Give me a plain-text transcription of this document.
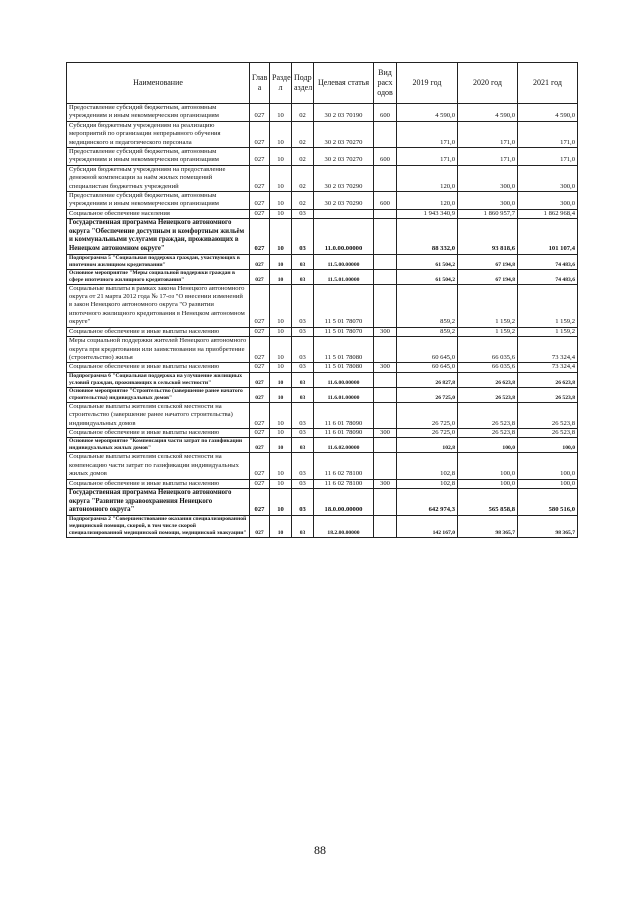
Наименование	Глав а	Разде л	Подр аздел	Целевая статья	Вид расх одов	2019 год	2020 год	2021 год
Предоставление субсидий бюджетным, автономным учреждениям и иным некоммерческим организациям	027	10	02	30 2 03 70190	600	4 590,0	4 590,0	4 590,0
Субсидия бюджетным учреждениям на реализацию мероприятий по организации непрерывного обучения медицинского и педагогического персонала	027	10	02	30 2 03 70270		171,0	171,0	171,0
Предоставление субсидий бюджетным, автономным учреждениям и иным некоммерческим организациям	027	10	02	30 2 03 70270	600	171,0	171,0	171,0
Субсидия бюджетным учреждениям на предоставление денежной компенсации за наём жилых помещений специалистам бюджетных учреждений	027	10	02	30 2 03 70290		120,0	300,0	300,0
Предоставление субсидий бюджетным, автономным учреждениям и иным некоммерческим организациям	027	10	02	30 2 03 70290	600	120,0	300,0	300,0
Социальное обеспечение населения	027	10	03			1 943 340,9	1 860 957,7	1 862 968,4
Государственная программа Ненецкого автономного округа "Обеспечение доступным и комфортным жильём и коммунальными услугами граждан, проживающих в Ненецком автономном округе"	027	10	03	11.0.00.00000		88 332,0	93 818,6	101 107,4
Подпрограмма 5 "Социальная поддержка граждан, участвующих в ипотечном жилищном кредитовании"	027	10	03	11.5.00.00000		61 504,2	67 194,8	74 483,6
Основное мероприятие "Меры социальной поддержки граждан в сфере ипотечного жилищного кредитования"	027	10	03	11.5.01.00000		61 504,2	67 194,8	74 483,6
Социальные выплаты в рамках закона Ненецкого автономного округа от 21 марта 2012 года № 17-оз "О внесении изменений в закон Ненецкого автономного округа "О развитии ипотечного жилищного кредитования в Ненецком автономном округе"	027	10	03	11 5 01 78070		859,2	1 159,2	1 159,2
Социальное обеспечение и иные выплаты населению	027	10	03	11 5 01 78070	300	859,2	1 159,2	1 159,2
Меры социальной поддержки жителей Ненецкого автономного округа при кредитовании или заимствовании на приобретение (строительство) жилья	027	10	03	11 5 01 78080		60 645,0	66 035,6	73 324,4
Социальное обеспечение и иные выплаты населению	027	10	03	11 5 01 78080	300	60 645,0	66 035,6	73 324,4
Подпрограмма 6 "Социальная поддержка на улучшение жилищных условий граждан, проживающих в сельской местности"	027	10	03	11.6.00.00000		26 827,8	26 623,8	26 623,8
Основное мероприятие "Строительство (завершение ранее начатого строительства) индивидуальных домов"	027	10	03	11.6.01.00000		26 725,0	26 523,8	26 523,8
Социальные выплаты жителям сельской местности на строительство (завершение ранее начатого строительства) индивидуальных домов	027	10	03	11 6 01 78090		26 725,0	26 523,8	26 523,8
Социальное обеспечение и иные выплаты населению	027	10	03	11 6 01 78090	300	26 725,0	26 523,8	26 523,8
Основное мероприятие "Компенсация части затрат по газификации индивидуальных жилых домов"	027	10	03	11.6.02.00000		102,8	100,0	100,0
Социальные выплаты жителям сельской местности на компенсацию части затрат по газификации индивидуальных жилых домов	027	10	03	11 6 02 78100		102,8	100,0	100,0
Социальное обеспечение и иные выплаты населению	027	10	03	11 6 02 78100	300	102,8	100,0	100,0
Государственная программа Ненецкого автономного округа "Развитие здравоохранения Ненецкого автономного округа"	027	10	03	18.0.00.00000		642 974,3	565 858,8	580 516,0
Подпрограмма 2 "Совершенствование оказания специализированной медицинской помощи, скорой, в том числе скорой специализированной медицинской помощи, медицинской эвакуации"	027	10	03	18.2.00.00000		142 167,0	98 365,7	98 365,7
88
